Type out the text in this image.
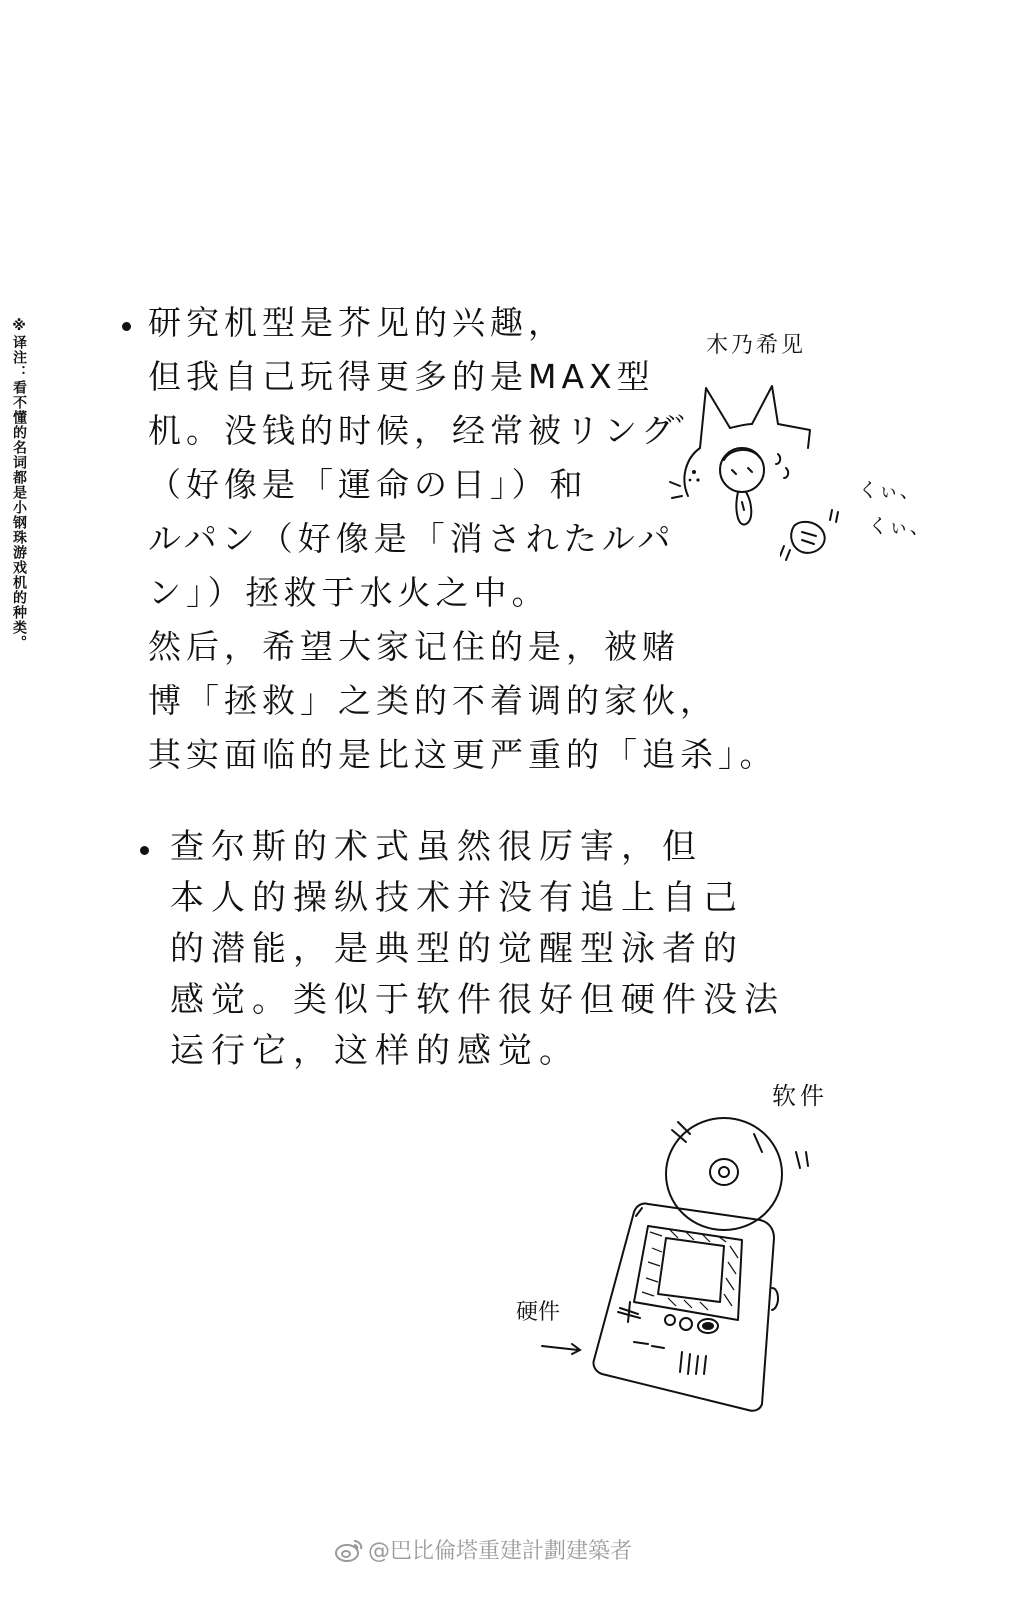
※译注：看不懂的名词都是小钢珠游戏机的种类。	研究机型是芥见的兴趣，
但我自己玩得更多的是MAX型
机。没钱的时候，经常被リングﾞ
（好像是「運命の日」）和
ルパン（好像是「消されたルパ
ン」）拯救于水火之中。
然后，希望大家记住的是，被赌
博「拯救」之类的不着调的家伙，
其实面临的是比这更严重的「追杀」。
木乃希见
くぃ、
くぃ、
查尔斯的术式虽然很厉害，但
本人的操纵技术并没有追上自己
的潜能，是典型的觉醒型泳者的
感觉。类似于软件很好但硬件没法
运行它，这样的感觉。
软件
硬件
@巴比倫塔重建計劃建築者
